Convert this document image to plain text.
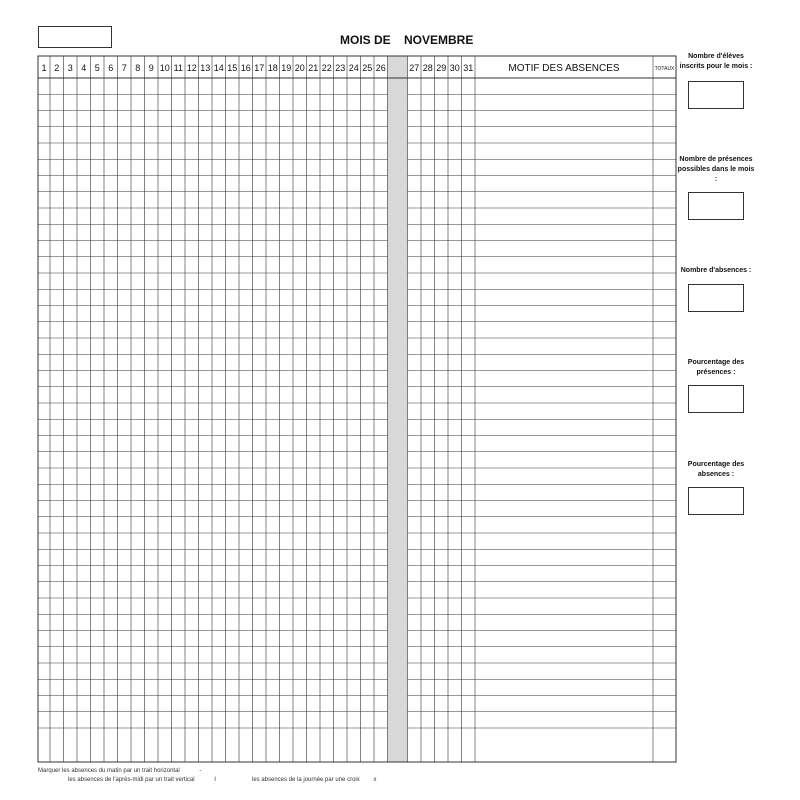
MOIS DE NOVEMBRE
1 2 3 4 5 6 7 8 9 10 11 12 13 14 15 16 17 18 19 20 21 22 23 24 25 26	27 28 29 30 31	MOTIF DES ABSENCES	TOTAUX
Nombre d'élèves inscrits pour le mois :
Nombre de présences possibles dans le mois :
Nombre d'absences :
Pourcentage des présences :
Pourcentage des absences :
Marquer les absences du matin par un trait horizontal	-
les absences de l'après-midi par un trait vertical	I	les absences de la journée par une croix x
